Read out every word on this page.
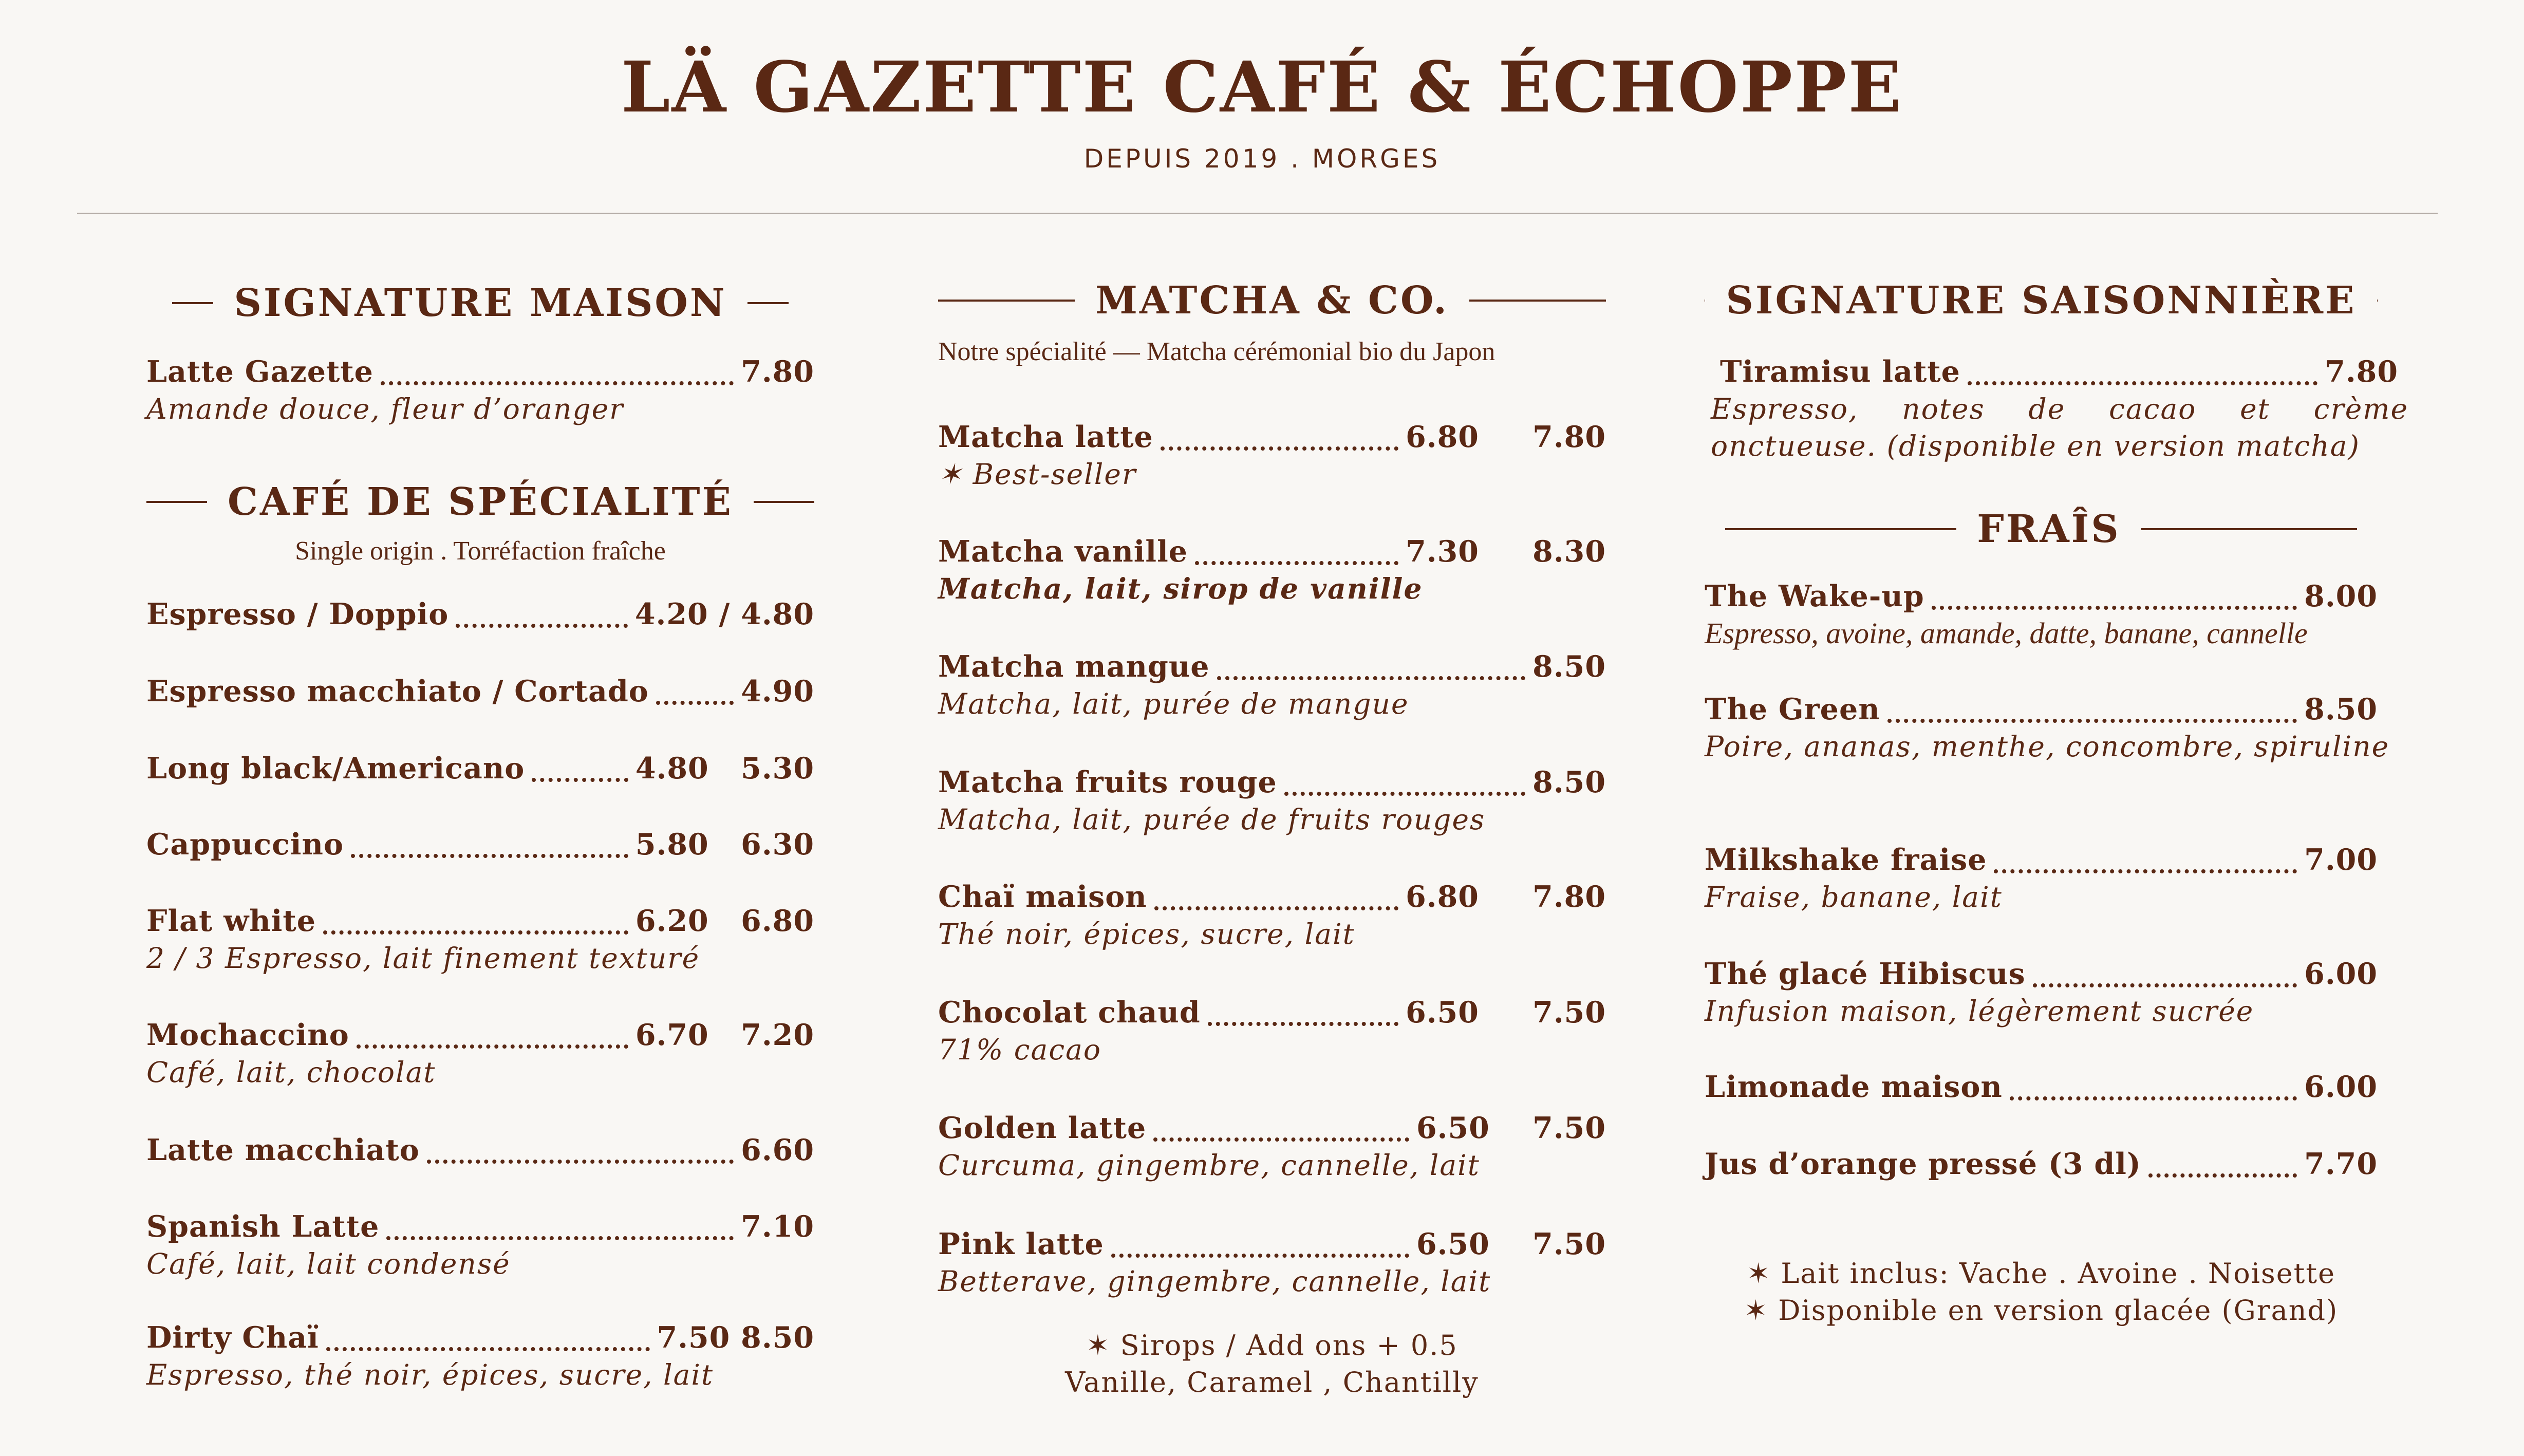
LÄ GAZETTE CAFÉ & ÉCHOPPE
DEPUIS 2019 . MORGES
SIGNATURE MAISON
Latte Gazette	7.80
Amande douce, fleur d’oranger
CAFÉ DE SPÉCIALITÉ
Single origin . Torréfaction fraîche
Espresso / Doppio	4.20 / 4.80
Espresso macchiato / Cortado	4.90
Long black/Americano	4.80   5.30
Cappuccino	5.80   6.30
Flat white	6.20   6.80
2 / 3 Espresso, lait finement texturé
Mochaccino	6.70   7.20
Café, lait, chocolat
Latte macchiato	6.60
Spanish Latte	7.10
Café, lait, lait condensé
Dirty Chaï	7.50 8.50
Espresso, thé noir, épices, sucre, lait
MATCHA & CO.
Notre spécialité — Matcha cérémonial bio du Japon
Matcha latte	6.80     7.80
✶ Best-seller
Matcha vanille	7.30     8.30
Matcha, lait, sirop de vanille
Matcha mangue	8.50
Matcha, lait, purée de mangue
Matcha fruits rouge	8.50
Matcha, lait, purée de fruits rouges
Chaï maison	6.80     7.80
Thé noir, épices, sucre, lait
Chocolat chaud	6.50     7.50
71% cacao
Golden latte	6.50    7.50
Curcuma, gingembre, cannelle, lait
Pink latte	6.50    7.50
Betterave, gingembre, cannelle, lait
✶ Sirops / Add ons + 0.5
Vanille, Caramel , Chantilly
SIGNATURE SAISONNIÈRE
Tiramisu latte	7.80
Espresso, notes de cacao et crème onctueuse. (disponible en version matcha)
FRAÎS
The Wake-up	8.00
Espresso, avoine, amande, datte, banane, cannelle
The Green	8.50
Poire, ananas, menthe, concombre, spiruline
Milkshake fraise	7.00
Fraise, banane, lait
Thé glacé Hibiscus	6.00
Infusion maison, légèrement sucrée
Limonade maison	6.00
Jus d’orange pressé (3 dl)	7.70
✶ Lait inclus: Vache . Avoine . Noisette
✶ Disponible en version glacée (Grand)
